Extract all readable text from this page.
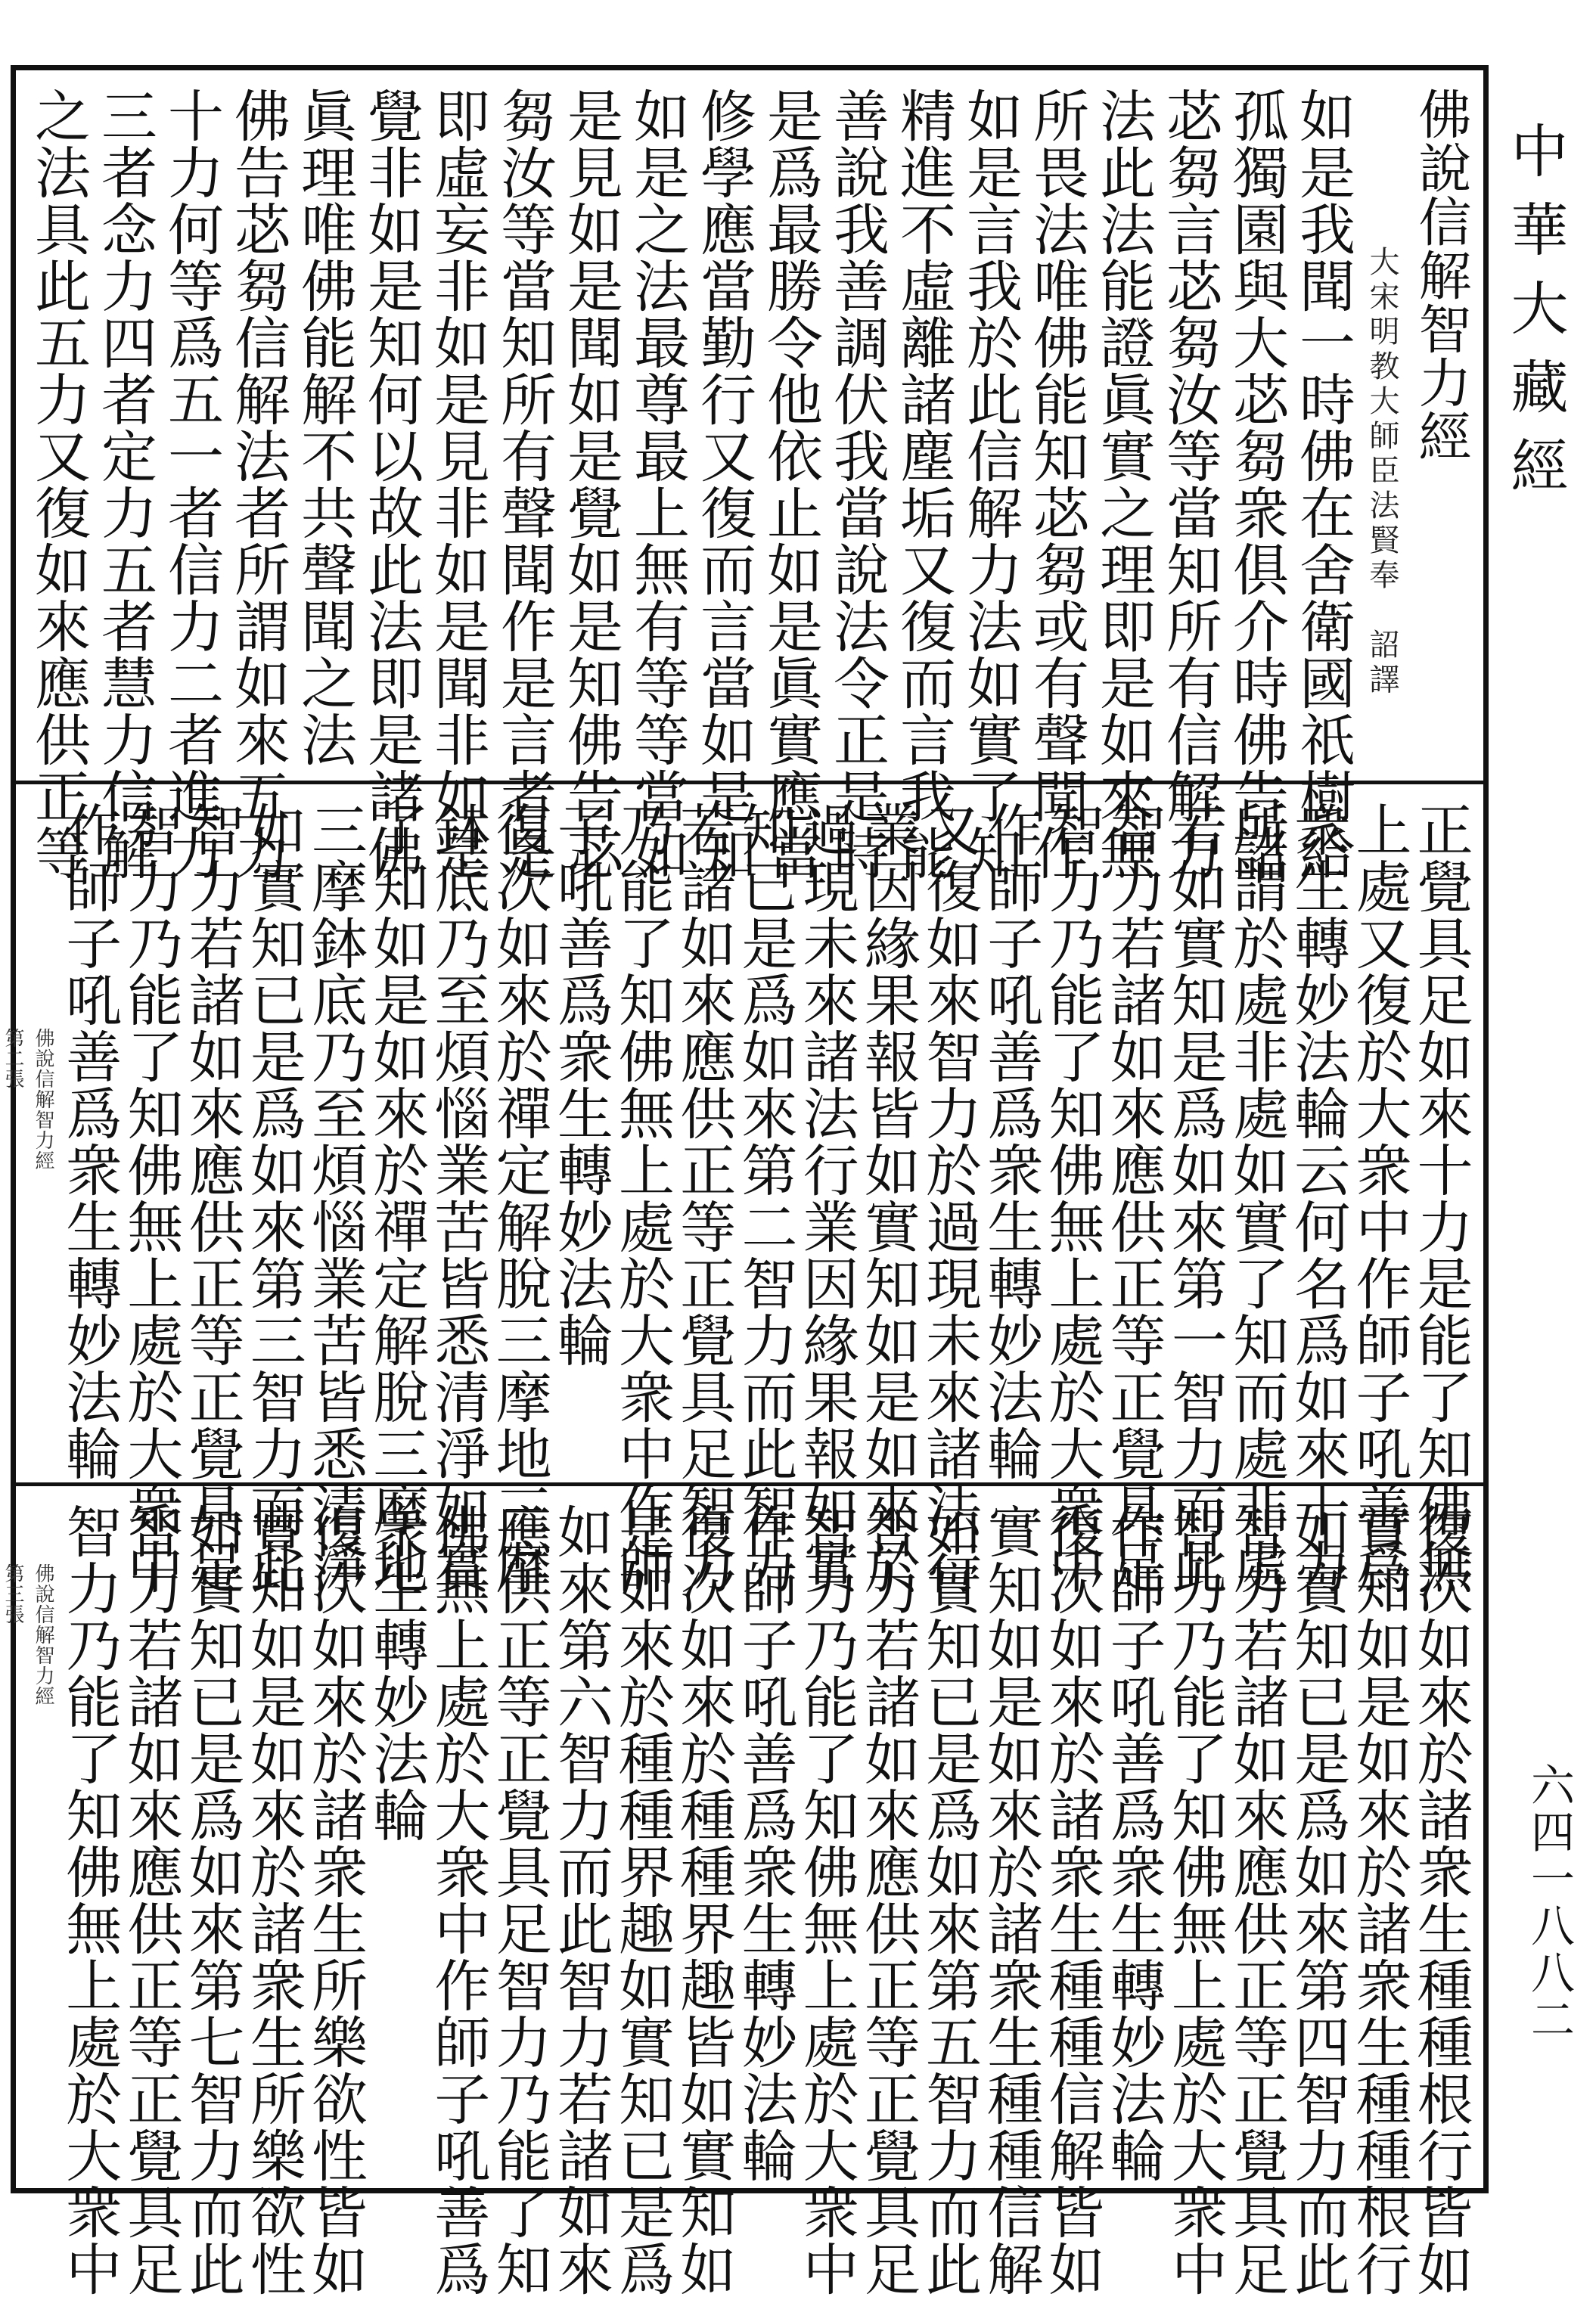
中華大藏經
六四一八八二
佛說信解智力經
大宋明教大師臣法賢奉　詔譯
如是我聞一時佛在舍衛國祇樹給
孤獨園與大苾芻衆俱介時佛告諸
苾芻言苾芻汝等當知所有信解力
法此法能證眞實之理即是如來無
所畏法唯佛能知苾芻或有聲聞作
如是言我於此信解力法如實了知
精進不虛離諸塵垢又復而言我能
善說我善調伏我當說法令正是時
是爲最勝令他依止如是眞實應當
修學應當勤行又復而言當如是知
如是之法最尊最上無有等等當如
是見如是聞如是覺如是知佛告苾
芻汝等當知所有聲聞作是言者是
即虛妄非如是見非如是聞非如是
覺非如是知何以故此法即是諸佛
眞理唯佛能解不共聲聞之法
佛告苾芻信解法者所謂如來五力
十力何等爲五一者信力二者進力
三者念力四者定力五者慧力信解
之法具此五力又復如來應供正等
正覺具足如來十力是能了知佛無
上處又復於大衆中作師子吼善爲
衆生轉妙法輪云何名爲如來十力
所謂於處非處如實了知而處非處
若如實知是爲如來第一智力而此
智力若諸如來應供正等正覺具足
智力乃能了知佛無上處於大衆中
作師子吼善爲衆生轉妙法輪
又復如來智力於過現未來諸法行
業因緣果報皆如實知如是如來於
過現未來諸法行業因緣果報如實
知已是爲如來第二智力而此智力
若諸如來應供正等正覺具足智力
乃能了知佛無上處於大衆中作師
子吼善爲衆生轉妙法輪
復次如來於禪定解脫三摩地三摩
鉢底乃至煩惱業苦皆悉清淨如實
了知如是如來於禪定解脫三摩地
三摩鉢底乃至煩惱業苦皆悉清淨
如實知已是爲如來第三智力而此
智力若諸如來應供正等正覺具足
智力乃能了知佛無上處於大衆中
作師子吼善爲衆生轉妙法輪
佛說信解智力經
第二張
復次如來於諸衆生種種根行皆如
實知如是如來於諸衆生種種根行
如實知已是爲如來第四智力而此
智力若諸如來應供正等正覺具足
智力乃能了知佛無上處於大衆中
作師子吼善爲衆生轉妙法輪
復次如來於諸衆生種種信解皆如
實知如是如來於諸衆生種種信解
如實知已是爲如來第五智力而此
智力若諸如來應供正等正覺具足
智力乃能了知佛無上處於大衆中
作師子吼善爲衆生轉妙法輪
復次如來於種種界趣皆如實知如
是如來於種種界趣如實知已是爲
如來第六智力而此智力若諸如來
應供正等正覺具足智力乃能了知
佛無上處於大衆中作師子吼善爲
衆生轉妙法輪
復次如來於諸衆生所樂欲性皆如
實知如是如來於諸衆生所樂欲性
如實知已是爲如來第七智力而此
智力若諸如來應供正等正覺具足
智力乃能了知佛無上處於大衆中
佛說信解智力經
第三張
